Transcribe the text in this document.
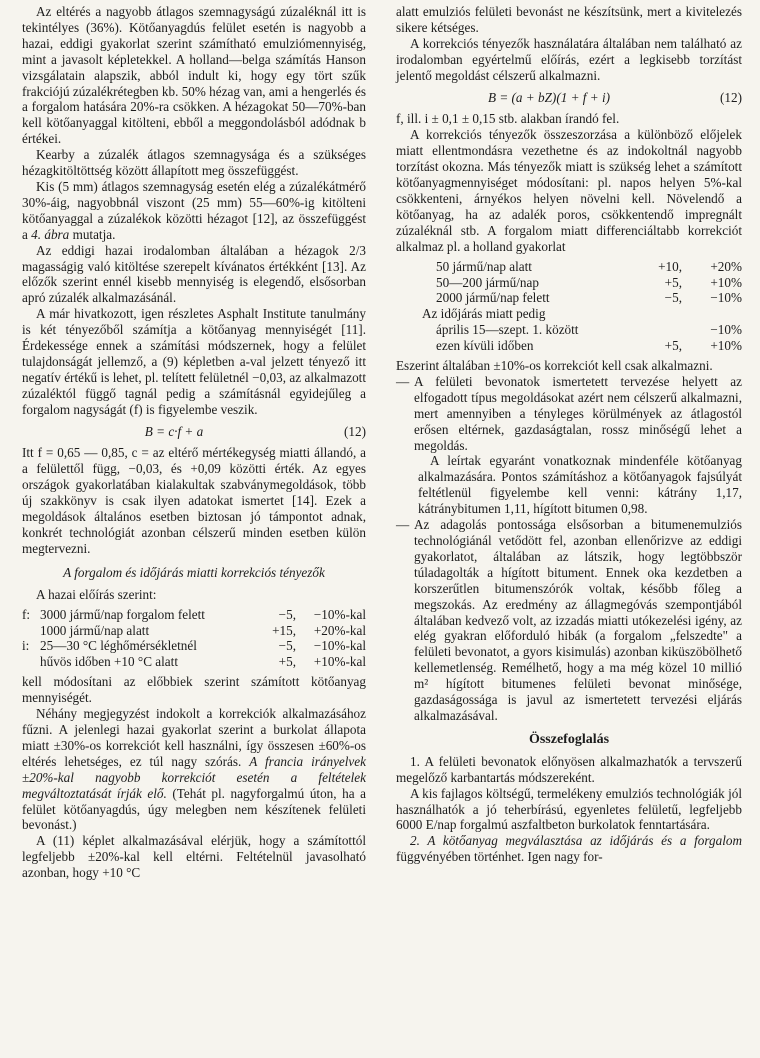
Az eltérés a nagyobb átlagos szemnagyságú zúzaléknál itt is tekintélyes (36%). Kötőanyagdús felület esetén is nagyobb a hazai, eddigi gyakorlat szerint számítható emulziómennyiség, mint a javasolt képletekkel. A holland—belga számítás Hanson vizsgálatain alapszik, abból indult ki, hogy egy tört szűk frakciójú zúzalékrétegben kb. 50% hézag van, ami a hengerlés és a forgalom hatására 20%-ra csökken. A hézagokat 50—70%-ban kell kötőanyaggal kitölteni, ebből a meggondolásból adódnak b értékei.

Kearby a zúzalék átlagos szemnagysága és a szükséges hézagkitöltöttség között állapított meg összefüggést.

Kis (5 mm) átlagos szemnagyság esetén elég a zúzalékátmérő 30%-áig, nagyobbnál viszont (25 mm) 55—60%-ig kitölteni kötőanyaggal a zúzalékok közötti hézagot [12], az összefüggést a 4. ábra mutatja.

Az eddigi hazai irodalomban általában a hézagok 2/3 magasságig való kitöltése szerepelt kívánatos értékként [13]. Az előzők szerint ennél kisebb mennyiség is elegendő, elsősorban apró zúzalék alkalmazásánál.

A már hivatkozott, igen részletes Asphalt Institute tanulmány is két tényezőből számítja a kötőanyag mennyiségét [11]. Érdekessége ennek a számítási módszernek, hogy a felület tulajdonságát jellemző, a (9) képletben a-val jelzett tényező itt negatív értékű is lehet, pl. telített felületnél −0,03, az alkalmazott zúzaléktól függő tagnál pedig a számításnál egyidejűleg a forgalom nagyságát (f) is figyelembe veszik.

B = c·f + a	(12)

Itt f = 0,65 — 0,85, c = az eltérő mértékegység miatti állandó, a a felülettől függ, −0,03, és +0,09 közötti érték. Az egyes országok gyakorlatában kialakultak szabványmegoldások, több új szakkönyv is csak ilyen adatokat ismertet [14]. Ezek a megoldások általános esetben biztosan jó támpontot adnak, konkrét technológiát azonban célszerű minden esetben külön megtervezni.

A forgalom és időjárás miatti korrekciós tényezők

A hazai előírás szerint:

f:	3000 jármű/nap forgalom felett	−5,	−10%-kal
	1000 jármű/nap alatt	+15,	+20%-kal
i:	25—30 °C léghőmérsékletnél	−5,	−10%-kal
	hűvös időben +10 °C alatt	+5,	+10%-kal

kell módosítani az előbbiek szerint számított kötőanyag mennyiségét.

Néhány megjegyzést indokolt a korrekciók alkalmazásához fűzni. A jelenlegi hazai gyakorlat szerint a burkolat állapota miatt ±30%-os korrekciót kell használni, így összesen ±60%-os eltérés lehetséges, ez túl nagy szórás. A francia irányelvek ±20%-kal nagyobb korrekciót esetén a feltételek megváltoztatását írják elő. (Tehát pl. nagyforgalmú úton, ha a felület kötőanyagdús, úgy melegben nem készítenek felületi bevonást.)

A (11) képlet alkalmazásával elérjük, hogy a számítottól legfeljebb ±20%-kal kell eltérni. Feltételnül javasolható azonban, hogy +10 °C

alatt emulziós felületi bevonást ne készítsünk, mert a kivitelezés sikere kétséges.

A korrekciós tényezők használatára általában nem található az irodalomban egyértelmű előírás, ezért a legkisebb torzítást jelentő megoldást célszerű alkalmazni.

B = (a + bZ)(1 + f + i)	(12)

f, ill. i ± 0,1 ± 0,15 stb. alakban írandó fel.

A korrekciós tényezők összeszorzása a különböző előjelek miatt ellentmondásra vezethetne és az indokoltnál nagyobb torzítást okozna. Más tényezők miatt is szükség lehet a számított kötőanyagmennyiséget módosítani: pl. napos helyen 5%-kal csökkenteni, árnyékos helyen növelni kell. Növelendő a kötőanyag, ha az adalék poros, csökkentendő impregnált zúzaléknál stb. A forgalom miatt differenciáltabb korrekciót alkalmaz pl. a holland gyakorlat

50 jármű/nap alatt	+10,	+20%
50—200 jármű/nap	+5,	+10%
2000 jármű/nap felett	−5,	−10%
Az időjárás miatt pedig
április 15—szept. 1. között		−10%
ezen kívüli időben	+5,	+10%

Eszerint általában ±10%-os korrekciót kell csak alkalmazni.

— A felületi bevonatok ismertetett tervezése helyett az elfogadott típus megoldásokat azért nem célszerű alkalmazni, mert amennyiben a tényleges körülmények az átlagostól erősen eltérnek, gazdaságtalan, rossz minőségű lehet a megoldás.

A leírtak egyaránt vonatkoznak mindenféle kötőanyag alkalmazására. Pontos számításhoz a kötőanyagok fajsúlyát feltétlenül figyelembe kell venni: kátrány 1,17, kátránybitumen 1,11, hígított bitumen 0,98.

— Az adagolás pontossága elsősorban a bitumenemulziós technológiánál vetődött fel, azonban ellenőrizve az eddigi gyakorlatot, általában az látszik, hogy legtöbbször túladagolták a hígított bitument. Ennek oka kezdetben a korszerűtlen bitumenszórók voltak, később főleg a megszokás. Az eredmény az állagmegóvás szempontjából általában kedvező volt, az izzadás miatti utókezelési igény, az elég gyakran előforduló hibák (a forgalom „felszedte" a felületi bevonatot, a gyors kisimulás) azonban kiküszöbölhető kellemetlenség. Remélhető, hogy a ma még közel 10 millió m² hígított bitumenes felületi bevonat minősége, gazdaságossága is javul az ismertetett tervezési eljárás alkalmazásával.
Összefoglalás

1. A felületi bevonatok előnyösen alkalmazhatók a tervszerű megelőző karbantartás módszereként.

A kis fajlagos költségű, termelékeny emulziós technológiák jól használhatók a jó teherbírású, egyenletes felületű, legfeljebb 6000 E/nap forgalmú aszfaltbeton burkolatok fenntartására.

2. A kötőanyag megválasztása az időjárás és a forgalom függvényében történhet. Igen nagy for-
